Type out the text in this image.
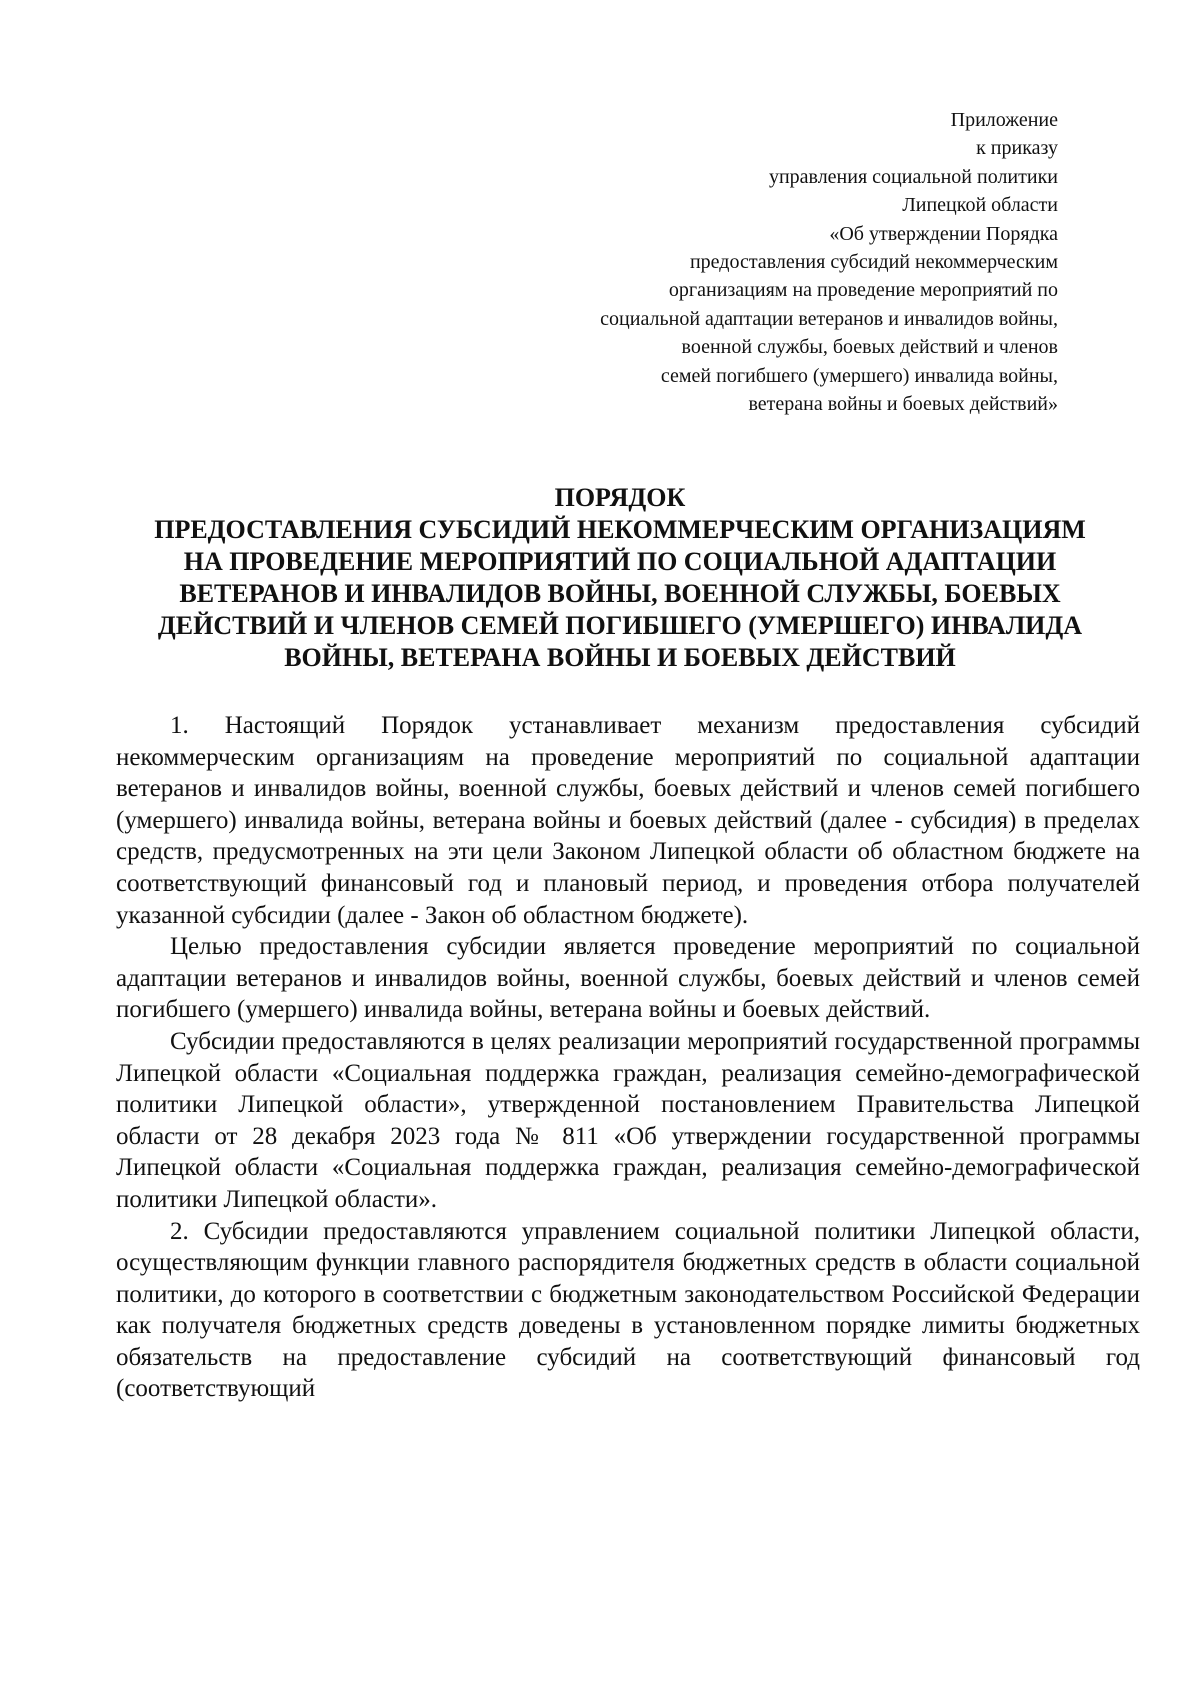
Приложение
к приказу
управления социальной политики
Липецкой области
«Об утверждении Порядка
предоставления субсидий некоммерческим
организациям на проведение мероприятий по
социальной адаптации ветеранов и инвалидов войны,
военной службы, боевых действий и членов
семей погибшего (умершего) инвалида войны,
ветерана войны и боевых действий»
ПОРЯДОК
ПРЕДОСТАВЛЕНИЯ СУБСИДИЙ НЕКОММЕРЧЕСКИМ ОРГАНИЗАЦИЯМ
НА ПРОВЕДЕНИЕ МЕРОПРИЯТИЙ ПО СОЦИАЛЬНОЙ АДАПТАЦИИ
ВЕТЕРАНОВ И ИНВАЛИДОВ ВОЙНЫ, ВОЕННОЙ СЛУЖБЫ, БОЕВЫХ
ДЕЙСТВИЙ И ЧЛЕНОВ СЕМЕЙ ПОГИБШЕГО (УМЕРШЕГО) ИНВАЛИДА
ВОЙНЫ, ВЕТЕРАНА ВОЙНЫ И БОЕВЫХ ДЕЙСТВИЙ

1. Настоящий Порядок устанавливает механизм предоставления субсидий некоммерческим организациям на проведение мероприятий по социальной адаптации ветеранов и инвалидов войны, военной службы, боевых действий и членов семей погибшего (умершего) инвалида войны, ветерана войны и боевых действий (далее - субсидия) в пределах средств, предусмотренных на эти цели Законом Липецкой области об областном бюджете на соответствующий финансовый год и плановый период, и проведения отбора получателей указанной субсидии (далее - Закон об областном бюджете).

Целью предоставления субсидии является проведение мероприятий по социальной адаптации ветеранов и инвалидов войны, военной службы, боевых действий и членов семей погибшего (умершего) инвалида войны, ветерана войны и боевых действий.

Субсидии предоставляются в целях реализации мероприятий государственной программы Липецкой области «Социальная поддержка граждан, реализация семейно-демографической политики Липецкой области», утвержденной постановлением Правительства Липецкой области от 28 декабря 2023 года № 811 «Об утверждении государственной программы Липецкой области «Социальная поддержка граждан, реализация семейно-демографической политики Липецкой области».

2. Субсидии предоставляются управлением социальной политики Липецкой области, осуществляющим функции главного распорядителя бюджетных средств в области социальной политики, до которого в соответствии с бюджетным законодательством Российской Федерации как получателя бюджетных средств доведены в установленном порядке лимиты бюджетных обязательств на предоставление субсидий на соответствующий финансовый год (соответствующий
